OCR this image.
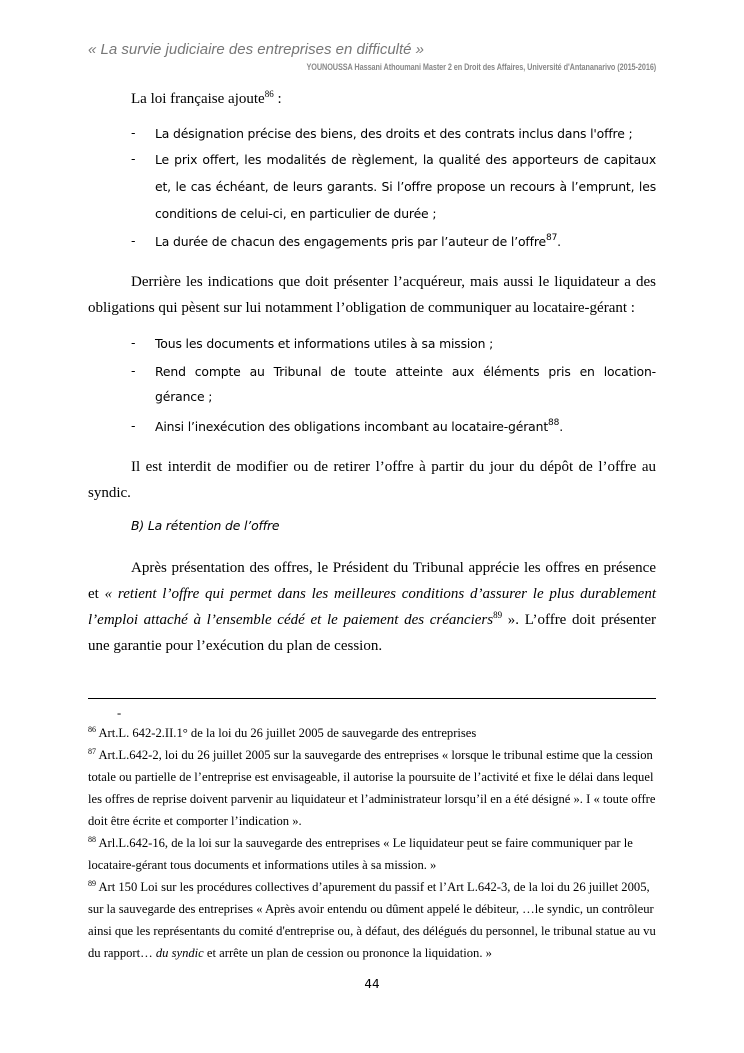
« La survie judiciaire des entreprises en difficulté »
YOUNOUSSA Hassani Athoumani Master 2 en Droit des Affaires, Université d'Antananarivo (2015-2016)
La loi française ajoute$^{86}$ :
- La désignation précise des biens, des droits et des contrats inclus dans l'offre ;
- Le prix offert, les modalités de règlement, la qualité des apporteurs de capitaux
et, le cas échéant, de leurs garants. Si l’offre propose un recours à l’emprunt, les
conditions de celui-ci, en particulier de durée ;
- La durée de chacun des engagements pris par l’auteur de l’offre$^{87}$.
Derrière les indications que doit présenter l’acquéreur, mais aussi le liquidateur a des
obligations qui pèsent sur lui notamment l’obligation de communiquer au locataire-gérant :
- Tous les documents et informations utiles à sa mission ;
- Rend compte au Tribunal de toute atteinte aux éléments pris en location-
gérance ;
- Ainsi l’inexécution des obligations incombant au locataire-gérant$^{88}$.
Il est interdit de modifier ou de retirer l’offre à partir du jour du dépôt de l’offre au
syndic.
B) La rétention de l’offre
Après présentation des offres, le Président du Tribunal apprécie les offres en présence
et « retient l’offre qui permet dans les meilleures conditions d’assurer le plus durablement
l’emploi attaché à l’ensemble cédé et le paiement des créanciers$^{89}$ ». L’offre doit présenter
une garantie pour l’exécution du plan de cession.
-
$^{86}$ Art.L. 642-2.II.1° de la loi du 26 juillet 2005 de sauvegarde des entreprises
$^{87}$ Art.L.642-2, loi du 26 juillet 2005 sur la sauvegarde des entreprises « lorsque le tribunal estime que la cession
totale ou partielle de l’entreprise est envisageable, il autorise la poursuite de l’activité et fixe le délai dans lequel
les offres de reprise doivent parvenir au liquidateur et l’administrateur lorsqu’il en a été désigné ». I « toute offre
doit être écrite et comporter l’indication ».
$^{88}$ Arl.L.642-16, de la loi sur la sauvegarde des entreprises « Le liquidateur peut se faire communiquer par le
locataire-gérant tous documents et informations utiles à sa mission. »
$^{89}$ Art 150 Loi sur les procédures collectives d’apurement du passif et l’Art L.642-3, de la loi du 26 juillet 2005,
sur la sauvegarde des entreprises « Après avoir entendu ou dûment appelé le débiteur, …le syndic, un contrôleur
ainsi que les représentants du comité d'entreprise ou, à défaut, des délégués du personnel, le tribunal statue au vu
du rapport… du syndic et arrête un plan de cession ou prononce la liquidation. »
44
